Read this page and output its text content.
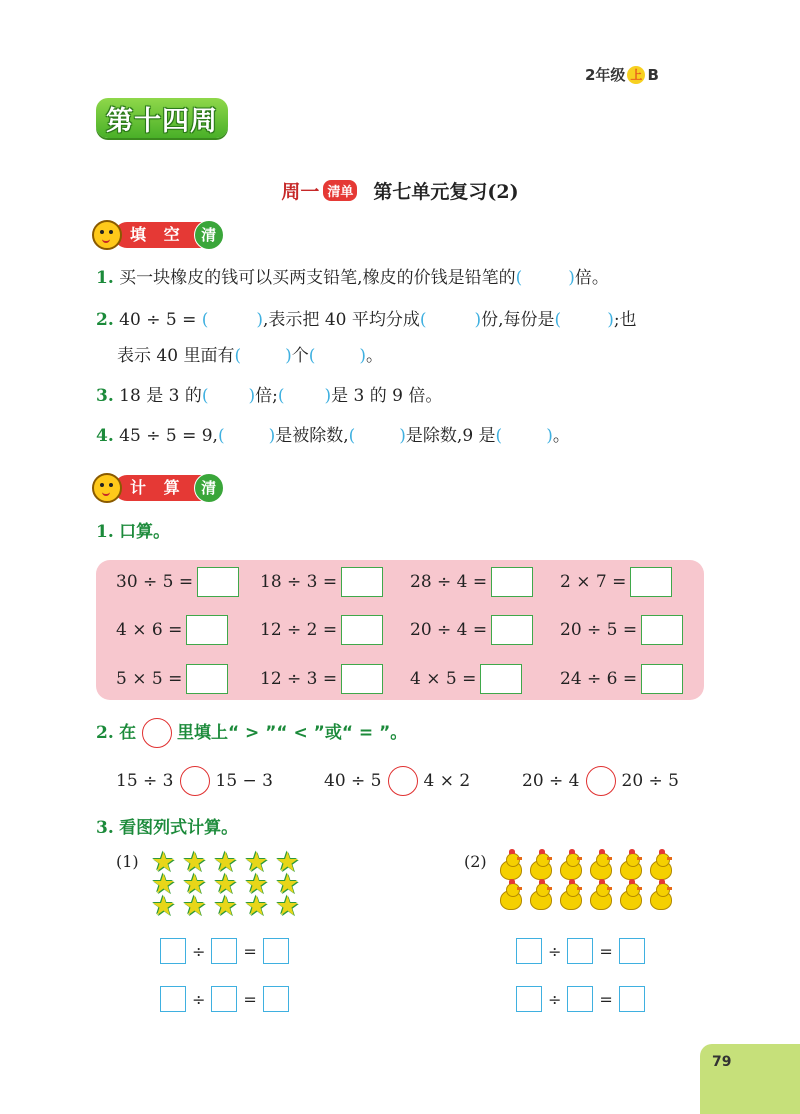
2年级 上 B
第十四周
周一 清单 第七单元复习(2)
填 空	清
1. 买一块橡皮的钱可以买两支铅笔,橡皮的价钱是铅笔的(	)倍。
2. 40 ÷ 5 = (	),表示把 40 平均分成(	)份,每份是(	);也
表示 40 里面有(	)个(	)。
3. 18 是 3 的( )倍;( )是 3 的 9 倍。
4. 45 ÷ 5 = 9,(	)是被除数,(	)是除数,9 是(	)。
计 算	清
1. 口算。
30 ÷ 5 =	18 ÷ 3 =	28 ÷ 4 =	2 × 7 =
4 × 6 =	12 ÷ 2 =	20 ÷ 4 =	20 ÷ 5 =
5 × 5 =	12 ÷ 3 =	4 × 5 =	24 ÷ 6 =
2.
在

里填上“ > ”“ < ”或“ = ”。
15 ÷ 3 15 − 3	40 ÷ 5 4 × 2	20 ÷ 4 20 ÷ 5
3. 看图列式计算。
(1) ★ ★ ★ ★ ★
★ ★ ★ ★ ★
★ ★ ★ ★ ★
(2)
÷ =
÷ =
÷ =
÷ =
79
